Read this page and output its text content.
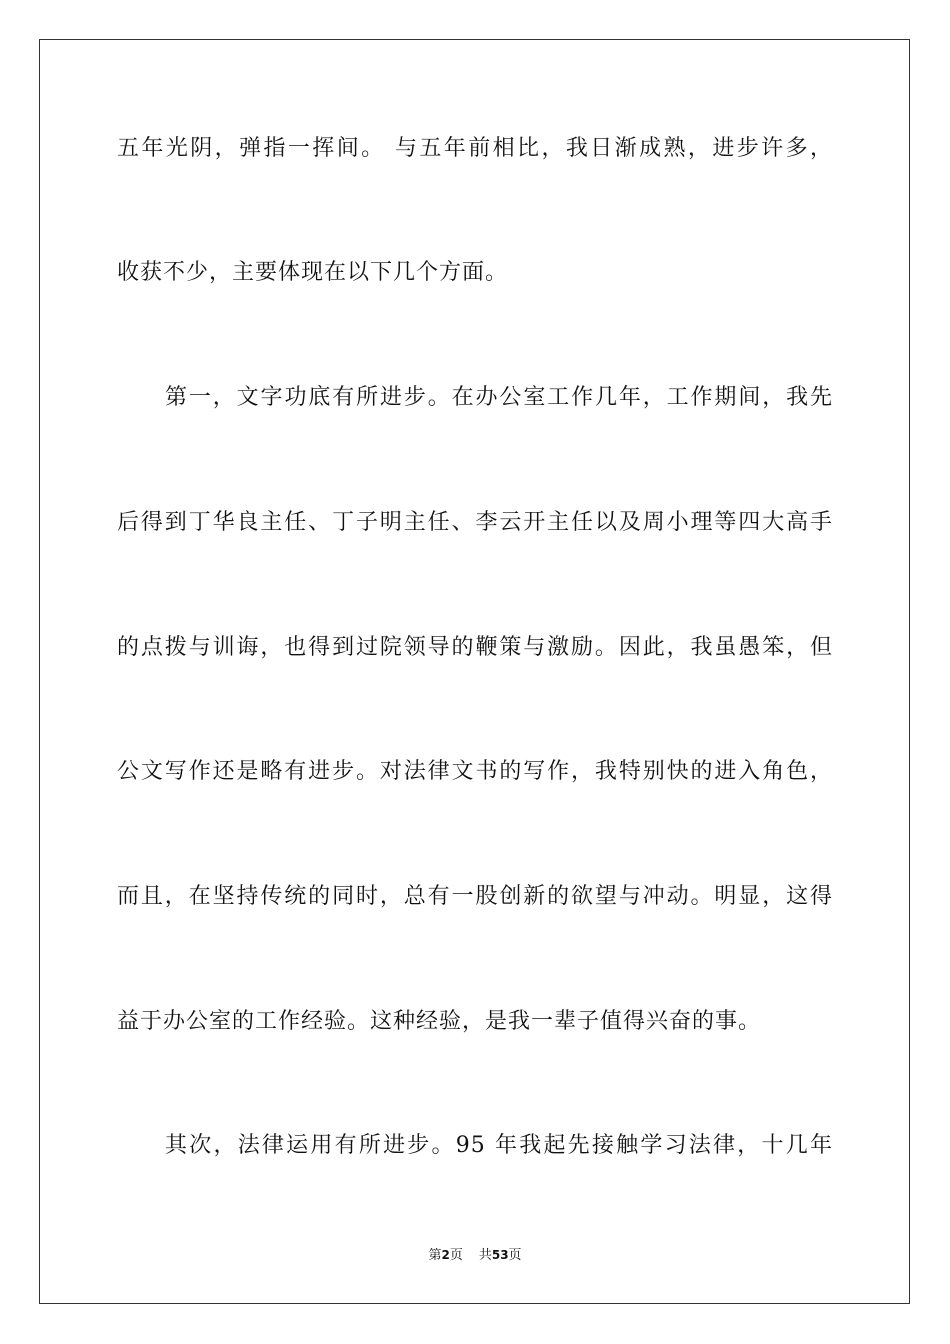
五年光阴，弹指一挥间。 与五年前相比，我日渐成熟，进步许多，
收获不少，主要体现在以下几个方面。
第一，文字功底有所进步。在办公室工作几年，工作期间，我先
后得到丁华良主任、丁子明主任、李云开主任以及周小理等四大高手
的点拨与训诲，也得到过院领导的鞭策与激励。因此，我虽愚笨，但
公文写作还是略有进步。对法律文书的写作，我特别快的进入角色，
而且，在坚持传统的同时，总有一股创新的欲望与冲动。明显，这得
益于办公室的工作经验。这种经验，是我一辈子值得兴奋的事。
其次，法律运用有所进步。95 年我起先接触学习法律，十几年
第2页 共53页
